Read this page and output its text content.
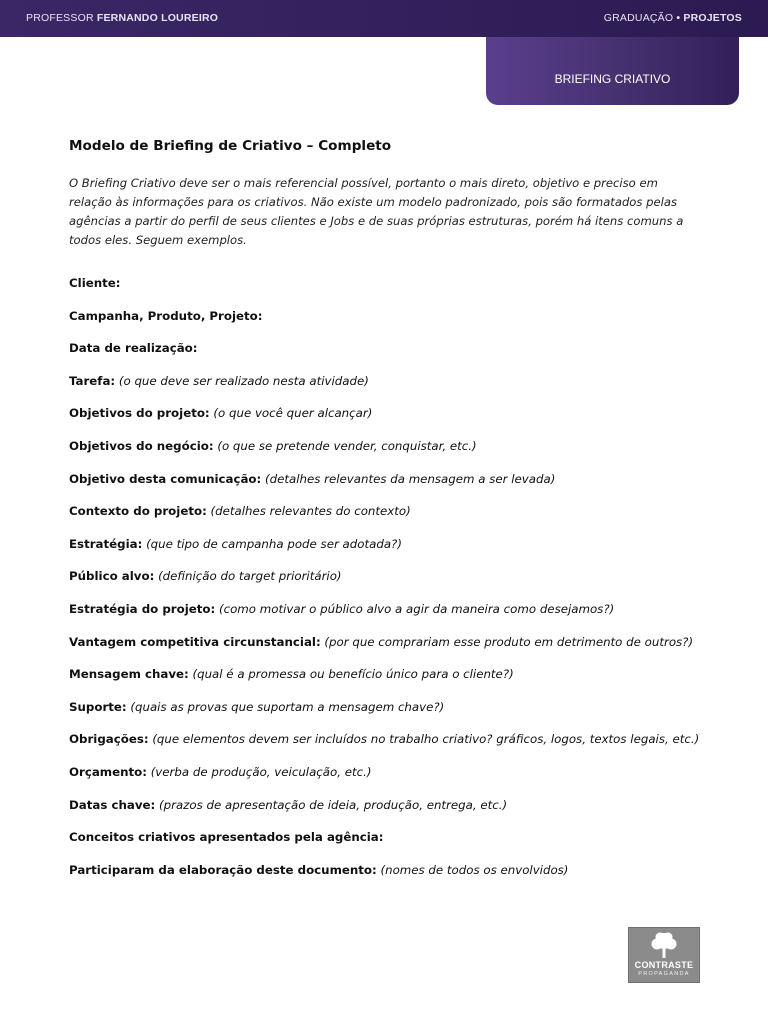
PROFESSOR FERNANDO LOUREIRO	GRADUAÇÃO • PROJETOS
BRIEFING CRIATIVO
Modelo de Briefing de Criativo – Completo

O Briefing Criativo deve ser o mais referencial possível, portanto o mais direto, objetivo e preciso em relação às informações para os criativos. Não existe um modelo padronizado, pois são formatados pelas agências a partir do perfil de seus clientes e Jobs e de suas próprias estruturas, porém há itens comuns a todos eles. Seguem exemplos.

Cliente:
Campanha, Produto, Projeto:
Data de realização:
Tarefa: (o que deve ser realizado nesta atividade)
Objetivos do projeto: (o que você quer alcançar)
Objetivos do negócio: (o que se pretende vender, conquistar, etc.)
Objetivo desta comunicação: (detalhes relevantes da mensagem a ser levada)
Contexto do projeto: (detalhes relevantes do contexto)
Estratégia: (que tipo de campanha pode ser adotada?)
Público alvo: (definição do target prioritário)
Estratégia do projeto: (como motivar o público alvo a agir da maneira como desejamos?)
Vantagem competitiva circunstancial: (por que comprariam esse produto em detrimento de outros?)
Mensagem chave: (qual é a promessa ou benefício único para o cliente?)
Suporte: (quais as provas que suportam a mensagem chave?)
Obrigações: (que elementos devem ser incluídos no trabalho criativo? gráficos, logos, textos legais, etc.)
Orçamento: (verba de produção, veiculação, etc.)
Datas chave: (prazos de apresentação de ideia, produção, entrega, etc.)
Conceitos criativos apresentados pela agência:
Participaram da elaboração deste documento: (nomes de todos os envolvidos)
CONTRASTE
PROPAGANDA
